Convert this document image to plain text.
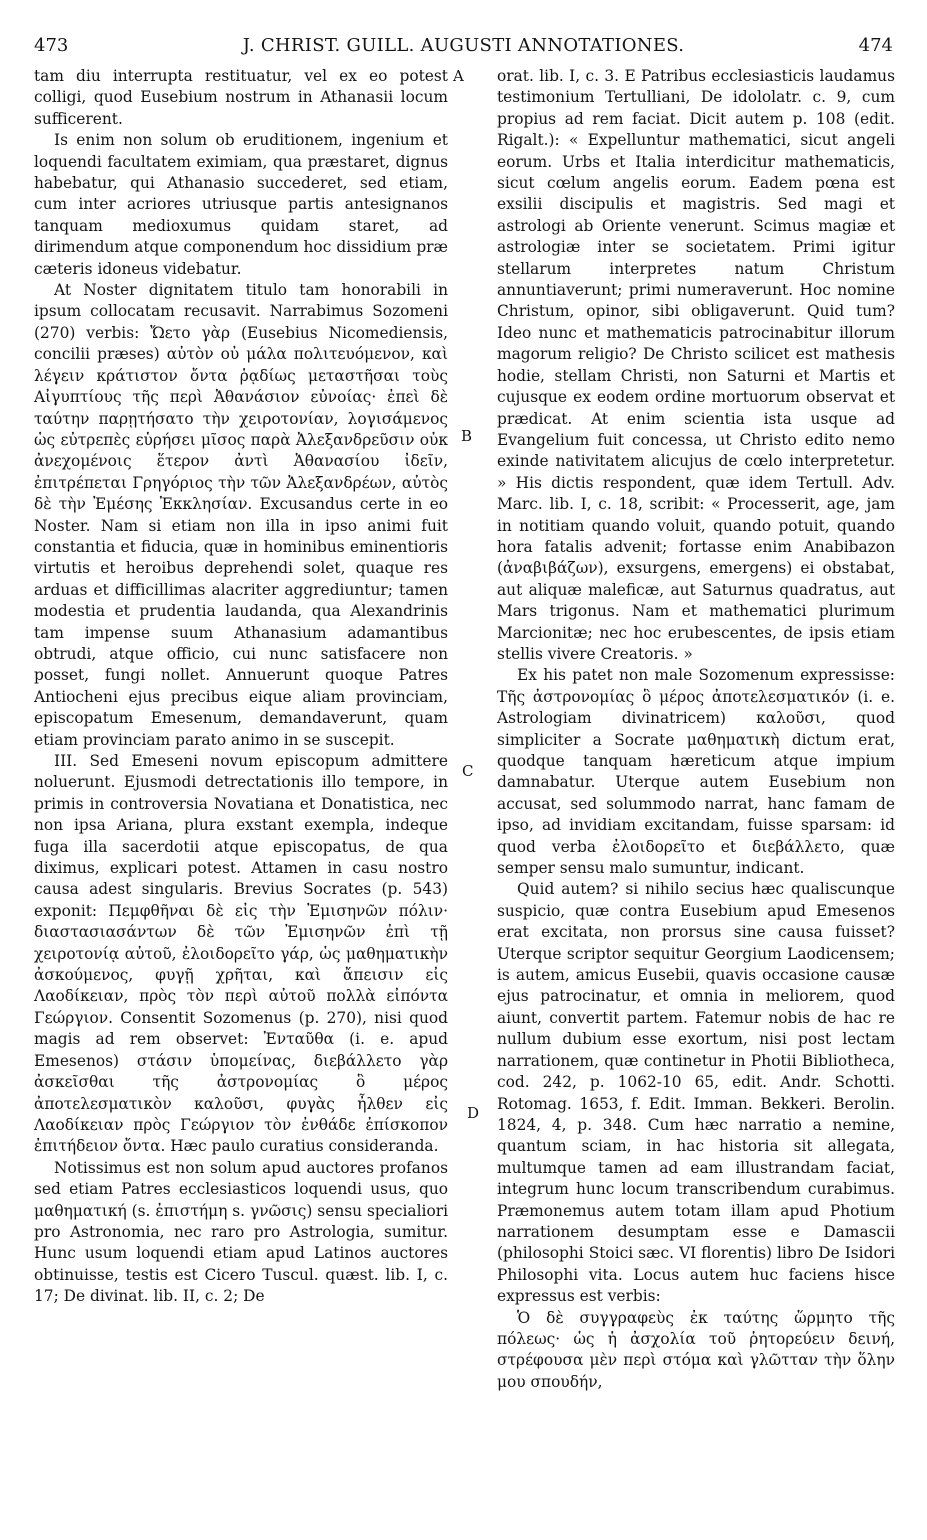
473	J. CHRIST. GUILL. AUGUSTI ANNOTATIONES.	474

tam diu interrupta restituatur, vel ex eo potest colligi, quod Eusebium nostrum in Athanasii locum sufficerent.

Is enim non solum ob eruditionem, ingenium et loquendi facultatem eximiam, qua præstaret, dignus habebatur, qui Athanasio succederet, sed etiam, cum inter acriores utriusque partis antesignanos tanquam medioxumus quidam staret, ad dirimendum atque componendum hoc dissidium præ cæteris idoneus videbatur.

At Noster dignitatem titulo tam honorabili in ipsum collocatam recusavit. Narrabimus Sozomeni (270) verbis: Ὤετο γὰρ (Eusebius Nicomediensis, concilii præses) αὐτὸν οὐ μάλα πολιτευόμενον, καὶ λέγειν κράτιστον ὄντα ῥᾳδίως μεταστῆσαι τοὺς Αἰγυπτίους τῆς περὶ Ἀθανάσιον εὐνοίας· ἐπεὶ δὲ ταύτην παρῃτήσατο τὴν χειροτονίαν, λογισάμενος ὡς εὐτρεπὲς εὑρήσει μῖσος παρὰ Ἀλεξανδρεῦσιν οὐκ ἀνεχομένοις ἕτερον ἀντὶ Ἀθανασίου ἰδεῖν, ἐπιτρέπεται Γρηγόριος τὴν τῶν Ἀλεξανδρέων, αὐτὸς δὲ τὴν Ἐμέσης Ἐκκλησίαν. Excusandus certe in eo Noster. Nam si etiam non illa in ipso animi fuit constantia et fiducia, quæ in hominibus eminentioris virtutis et heroibus deprehendi solet, quaque res arduas et difficillimas alacriter aggrediuntur; tamen modestia et prudentia laudanda, qua Alexandrinis tam impense suum Athanasium adamantibus obtrudi, atque officio, cui nunc satisfacere non posset, fungi nollet. Annuerunt quoque Patres Antiocheni ejus precibus eique aliam provinciam, episcopatum Emesenum, demandaverunt, quam etiam provinciam parato animo in se suscepit.

III. Sed Emeseni novum episcopum admittere noluerunt. Ejusmodi detrectationis illo tempore, in primis in controversia Novatiana et Donatistica, nec non ipsa Ariana, plura exstant exempla, indeque fuga illa sacerdotii atque episcopatus, de qua diximus, explicari potest. Attamen in casu nostro causa adest singularis. Brevius Socrates (p. 543) exponit: Πεμφθῆναι δὲ εἰς τὴν Ἐμισηνῶν πόλιν· διαστασιασάντων δὲ τῶν Ἐμισηνῶν ἐπὶ τῇ χειροτονίᾳ αὐτοῦ, ἐλοιδορεῖτο γάρ, ὡς μαθηματικὴν ἀσκούμενος, φυγῇ χρῆται, καὶ ἄπεισιν εἰς Λαοδίκειαν, πρὸς τὸν περὶ αὐτοῦ πολλὰ εἰπόντα Γεώργιον. Consentit Sozomenus (p. 270), nisi quod magis ad rem observet: Ἐνταῦθα (i. e. apud Emesenos) στάσιν ὑπομείνας, διεβάλλετο γὰρ ἀσκεῖσθαι τῆς ἀστρονομίας ὃ μέρος ἀποτελεσματικὸν καλοῦσι, φυγὰς ἦλθεν εἰς Λαοδίκειαν πρὸς Γεώργιον τὸν ἐνθάδε ἐπίσκοπον ἐπιτήδειον ὄντα. Hæc paulo curatius consideranda.

Notissimus est non solum apud auctores profanos sed etiam Patres ecclesiasticos loquendi usus, quo μαθηματική (s. ἐπιστήμη s. γνῶσις) sensu specialiori pro Astronomia, nec raro pro Astrologia, sumitur. Hunc usum loquendi etiam apud Latinos auctores obtinuisse, testis est Cicero Tuscul. quæst. lib. I, c. 17; De divinat. lib. II, c. 2; De

A
B
C
D

orat. lib. I, c. 3. E Patribus ecclesiasticis laudamus testimonium Tertulliani, De idololatr. c. 9, cum propius ad rem faciat. Dicit autem p. 108 (edit. Rigalt.): « Expelluntur mathematici, sicut angeli eorum. Urbs et Italia interdicitur mathematicis, sicut cœlum angelis eorum. Eadem pœna est exsilii discipulis et magistris. Sed magi et astrologi ab Oriente venerunt. Scimus magiæ et astrologiæ inter se societatem. Primi igitur stellarum interpretes natum Christum annuntiaverunt; primi numeraverunt. Hoc nomine Christum, opinor, sibi obligaverunt. Quid tum? Ideo nunc et mathematicis patrocinabitur illorum magorum religio? De Christo scilicet est mathesis hodie, stellam Christi, non Saturni et Martis et cujusque ex eodem ordine mortuorum observat et prædicat. At enim scientia ista usque ad Evangelium fuit concessa, ut Christo edito nemo exinde nativitatem alicujus de cœlo interpretetur. » His dictis respondent, quæ idem Tertull. Adv. Marc. lib. I, c. 18, scribit: « Processerit, age, jam in notitiam quando voluit, quando potuit, quando hora fatalis advenit; fortasse enim Anabibazon (ἀναβιβάζων), exsurgens, emergens) ei obstabat, aut aliquæ maleficæ, aut Saturnus quadratus, aut Mars trigonus. Nam et mathematici plurimum Marcionitæ; nec hoc erubescentes, de ipsis etiam stellis vivere Creatoris. »

Ex his patet non male Sozomenum expressisse: Τῆς ἀστρονομίας ὃ μέρος ἀποτελεσματικόν (i. e. Astrologiam divinatricem) καλοῦσι, quod simpliciter a Socrate μαθηματικὴ dictum erat, quodque tanquam hæreticum atque impium damnabatur. Uterque autem Eusebium non accusat, sed solummodo narrat, hanc famam de ipso, ad invidiam excitandam, fuisse sparsam: id quod verba ἐλοιδορεῖτο et διεβάλλετο, quæ semper sensu malo sumuntur, indicant.

Quid autem? si nihilo secius hæc qualiscunque suspicio, quæ contra Eusebium apud Emesenos erat excitata, non prorsus sine causa fuisset? Uterque scriptor sequitur Georgium Laodicensem; is autem, amicus Eusebii, quavis occasione causæ ejus patrocinatur, et omnia in meliorem, quod aiunt, convertit partem. Fatemur nobis de hac re nullum dubium esse exortum, nisi post lectam narrationem, quæ continetur in Photii Bibliotheca, cod. 242, p. 1062-10 65, edit. Andr. Schotti. Rotomag. 1653, f. Edit. Imman. Bekkeri. Berolin. 1824, 4, p. 348. Cum hæc narratio a nemine, quantum sciam, in hac historia sit allegata, multumque tamen ad eam illustrandam faciat, integrum hunc locum transcribendum curabimus. Præmonemus autem totam illam apud Photium narrationem desumptam esse e Damascii (philosophi Stoici sæc. VI florentis) libro De Isidori Philosophi vita. Locus autem huc faciens hisce expressus est verbis:

Ὁ δὲ συγγραφεὺς ἐκ ταύτης ὥρμητο τῆς πόλεως· ὡς ἡ ἀσχολία τοῦ ῥητορεύειν δεινή, στρέφουσα μὲν περὶ στόμα καὶ γλῶτταν τὴν ὅλην μου σπουδήν,
